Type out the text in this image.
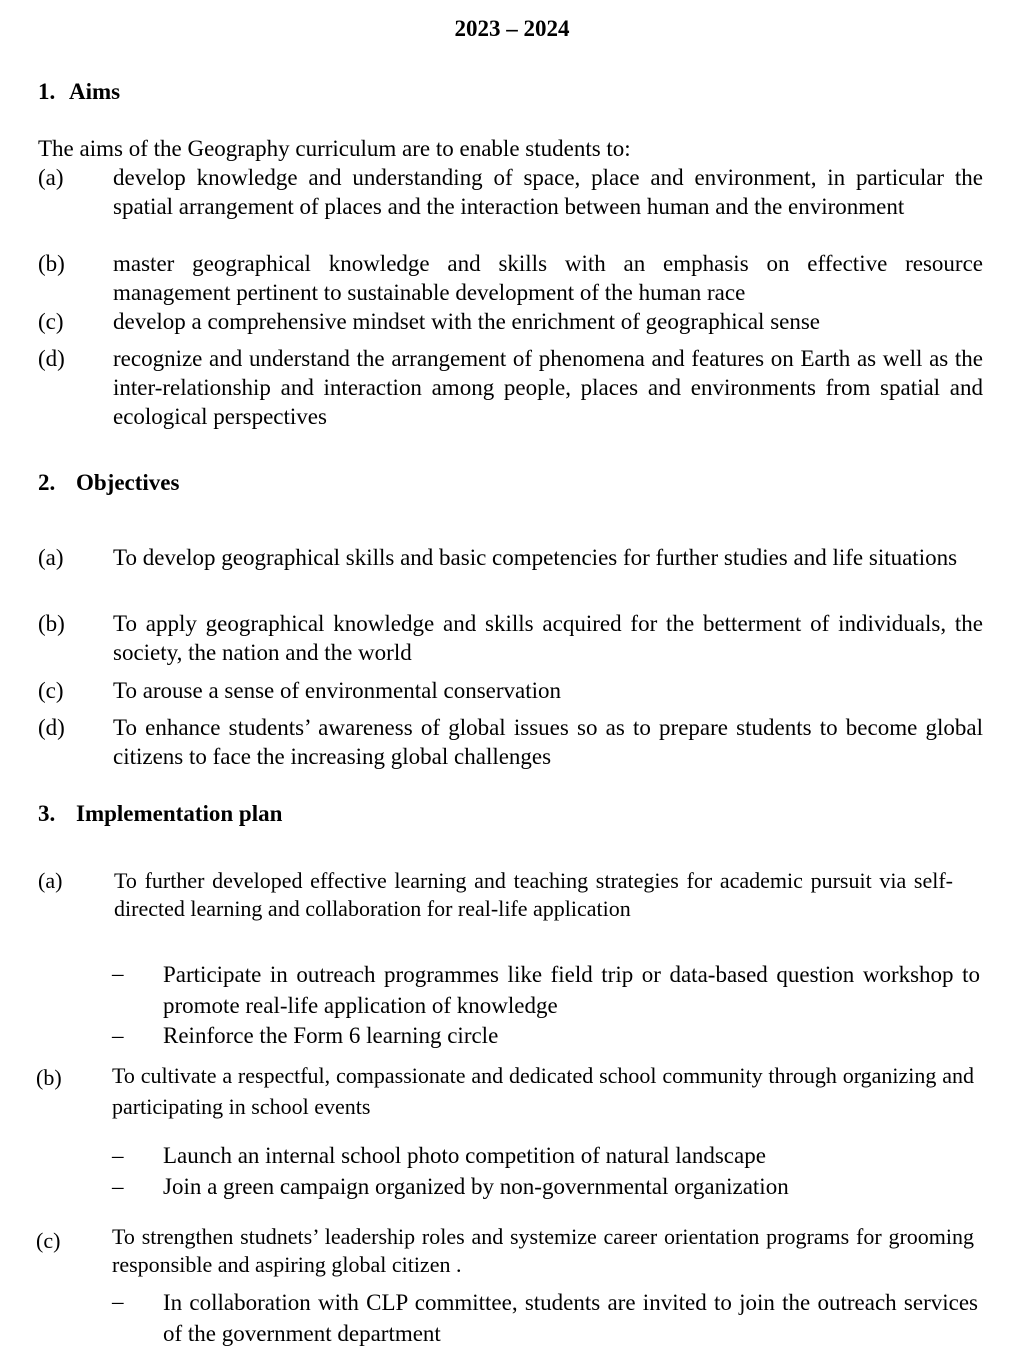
2023 – 2024
1. Aims
The aims of the Geography curriculum are to enable students to:
(a) develop knowledge and understanding of space, place and environment, in particular the spatial arrangement of places and the interaction between human and the environment
(b) master geographical knowledge and skills with an emphasis on effective resource management pertinent to sustainable development of the human race
(c) develop a comprehensive mindset with the enrichment of geographical sense
(d) recognize and understand the arrangement of phenomena and features on Earth as well as the inter-relationship and interaction among people, places and environments from spatial and ecological perspectives
2. Objectives
(a) To develop geographical skills and basic competencies for further studies and life situations
(b) To apply geographical knowledge and skills acquired for the betterment of individuals, the society, the nation and the world
(c) To arouse a sense of environmental conservation
(d) To enhance students’ awareness of global issues so as to prepare students to become global citizens to face the increasing global challenges
3. Implementation plan
(a) To further developed effective learning and teaching strategies for academic pursuit via self-directed learning and collaboration for real-life application
– Participate in outreach programmes like field trip or data-based question workshop to promote real-life application of knowledge
– Reinforce the Form 6 learning circle
(b) To cultivate a respectful, compassionate and dedicated school community through organizing and participating in school events
– Launch an internal school photo competition of natural landscape
– Join a green campaign organized by non-governmental organization
(c) To strengthen studnets’ leadership roles and systemize career orientation programs for grooming responsible and aspiring global citizen .
– In collaboration with CLP committee, students are invited to join the outreach services of the government department
